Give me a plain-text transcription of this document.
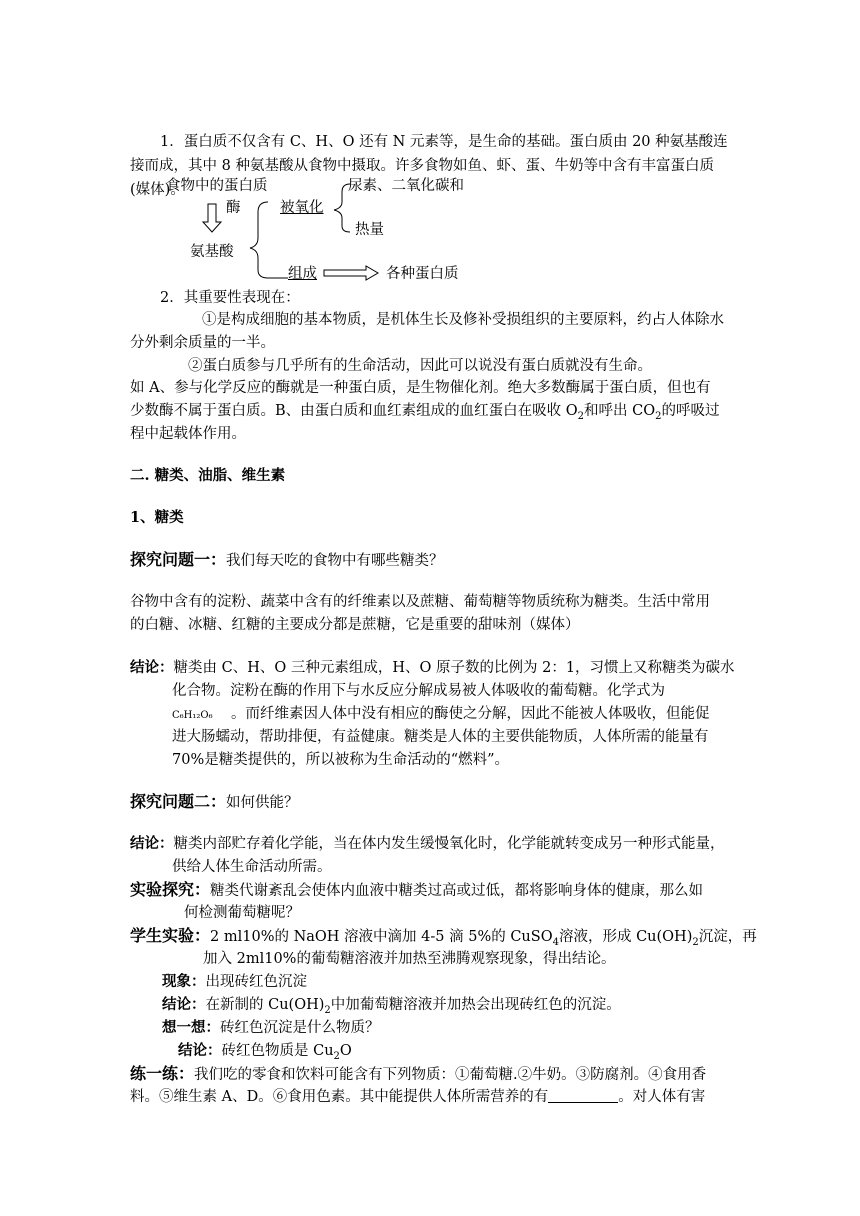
1．蛋白质不仅含有 C、H、O 还有 N 元素等，是生命的基础。蛋白质由 20 种氨基酸连
接而成，其中 8 种氨基酸从食物中摄取。许多食物如鱼、虾、蛋、牛奶等中含有丰富蛋白质
(媒体)。
食物中的蛋白质
酶
氨基酸
被氧化
尿素、二氧化碳和
热量
组成	各种蛋白质
2．其重要性表现在：
①是构成细胞的基本物质，是机体生长及修补受损组织的主要原料，约占人体除水
分外剩余质量的一半。
②蛋白质参与几乎所有的生命活动，因此可以说没有蛋白质就没有生命。
如 A、参与化学反应的酶就是一种蛋白质，是生物催化剂。绝大多数酶属于蛋白质，但也有
少数酶不属于蛋白质。B、由蛋白质和血红素组成的血红蛋白在吸收 $O_2$和呼出 $CO_2$的呼吸过
程中起载体作用。
二. 糖类、油脂、维生素
1、糖类
探究问题一：我们每天吃的食物中有哪些糖类？
谷物中含有的淀粉、蔬菜中含有的纤维素以及蔗糖、葡萄糖等物质统称为糖类。生活中常用
的白糖、冰糖、红糖的主要成分都是蔗糖，它是重要的甜味剂（媒体）
结论：糖类由 C、H、O 三种元素组成，H、O 原子数的比例为 2：1，习惯上又称糖类为碳水
化合物。淀粉在酶的作用下与水反应分解成易被人体吸收的葡萄糖。化学式为
C₆H₁₂O₆ 。而纤维素因人体中没有相应的酶使之分解，因此不能被人体吸收，但能促
进大肠蠕动，帮助排便，有益健康。糖类是人体的主要供能物质，人体所需的能量有
70%是糖类提供的，所以被称为生命活动的“燃料”。
探究问题二：如何供能？
结论：糖类内部贮存着化学能，当在体内发生缓慢氧化时，化学能就转变成另一种形式能量，
供给人体生命活动所需。
实验探究：糖类代谢紊乱会使体内血液中糖类过高或过低，都将影响身体的健康，那么如
何检测葡萄糖呢？
学生实验：2 ml10%的 NaOH 溶液中滴加 4-5 滴 5%的 CuSO$_4$溶液，形成 $Cu(OH)_2$沉淀，再
加入 2ml10%的葡萄糖溶液并加热至沸腾观察现象，得出结论。
现象：出现砖红色沉淀
结论：在新制的 $Cu(OH)_2$中加葡萄糖溶液并加热会出现砖红色的沉淀。
想一想：砖红色沉淀是什么物质？
结论：砖红色物质是 $Cu_2O$
练一练：我们吃的零食和饮料可能含有下列物质：①葡萄糖.②牛奶。③防腐剂。④食用香
料。⑤维生素 A、D。⑥食用色素。其中能提供人体所需营养的有	。对人体有害
